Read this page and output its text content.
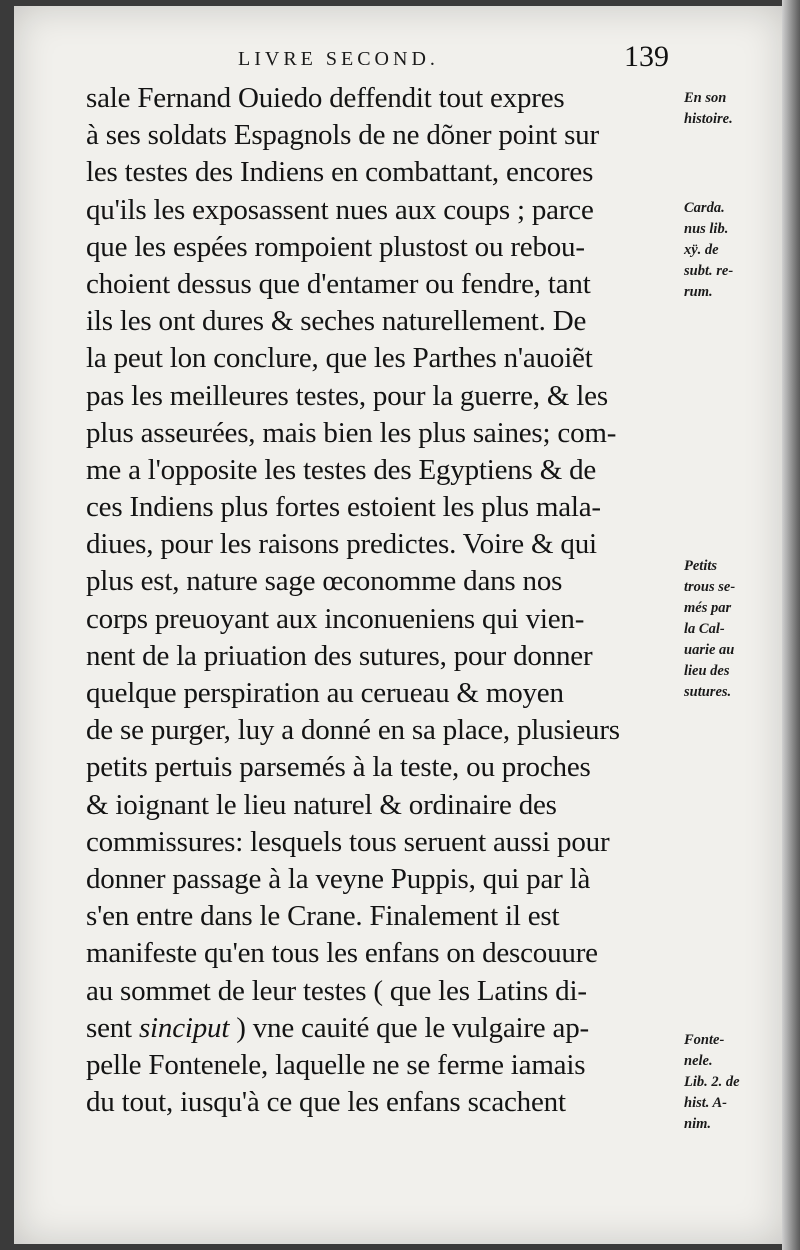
LIVRE SECOND.	139
sale Fernand Ouiedo deffendit tout expres
à ses soldats Espagnols de ne dõner point sur
les testes des Indiens en combattant, encores
qu'ils les exposassent nues aux coups ; parce
que les espées rompoient plustost ou rebou-
choient dessus que d'entamer ou fendre, tant
ils les ont dures & seches naturellement. De
la peut lon conclure, que les Parthes n'auoiẽt
pas les meilleures testes, pour la guerre, & les
plus asseurées, mais bien les plus saines; com-
me a l'opposite les testes des Egyptiens & de
ces Indiens plus fortes estoient les plus mala-
diues, pour les raisons predictes. Voire & qui
plus est, nature sage œconomme dans nos
corps preuoyant aux inconueniens qui vien-
nent de la priuation des sutures, pour donner
quelque perspiration au cerueau & moyen
de se purger, luy a donné en sa place, plusieurs
petits pertuis parsemés à la teste, ou proches
& ioignant le lieu naturel & ordinaire des
commissures: lesquels tous seruent aussi pour
donner passage à la veyne Puppis, qui par là
s'en entre dans le Crane. Finalement il est
manifeste qu'en tous les enfans on descouure
au sommet de leur testes ( que les Latins di-
sent sinciput ) vne cauité que le vulgaire ap-
pelle Fontenele, laquelle ne se ferme iamais
du tout, iusqu'à ce que les enfans scachent
En son
histoire.
Carda.
nus lib.
xÿ. de
subt. re-
rum.
Petits
trous se-
més par
la Cal-
uarie au
lieu des
sutures.
Fonte-
nele.
Lib. 2. de
hist. A-
nim.
